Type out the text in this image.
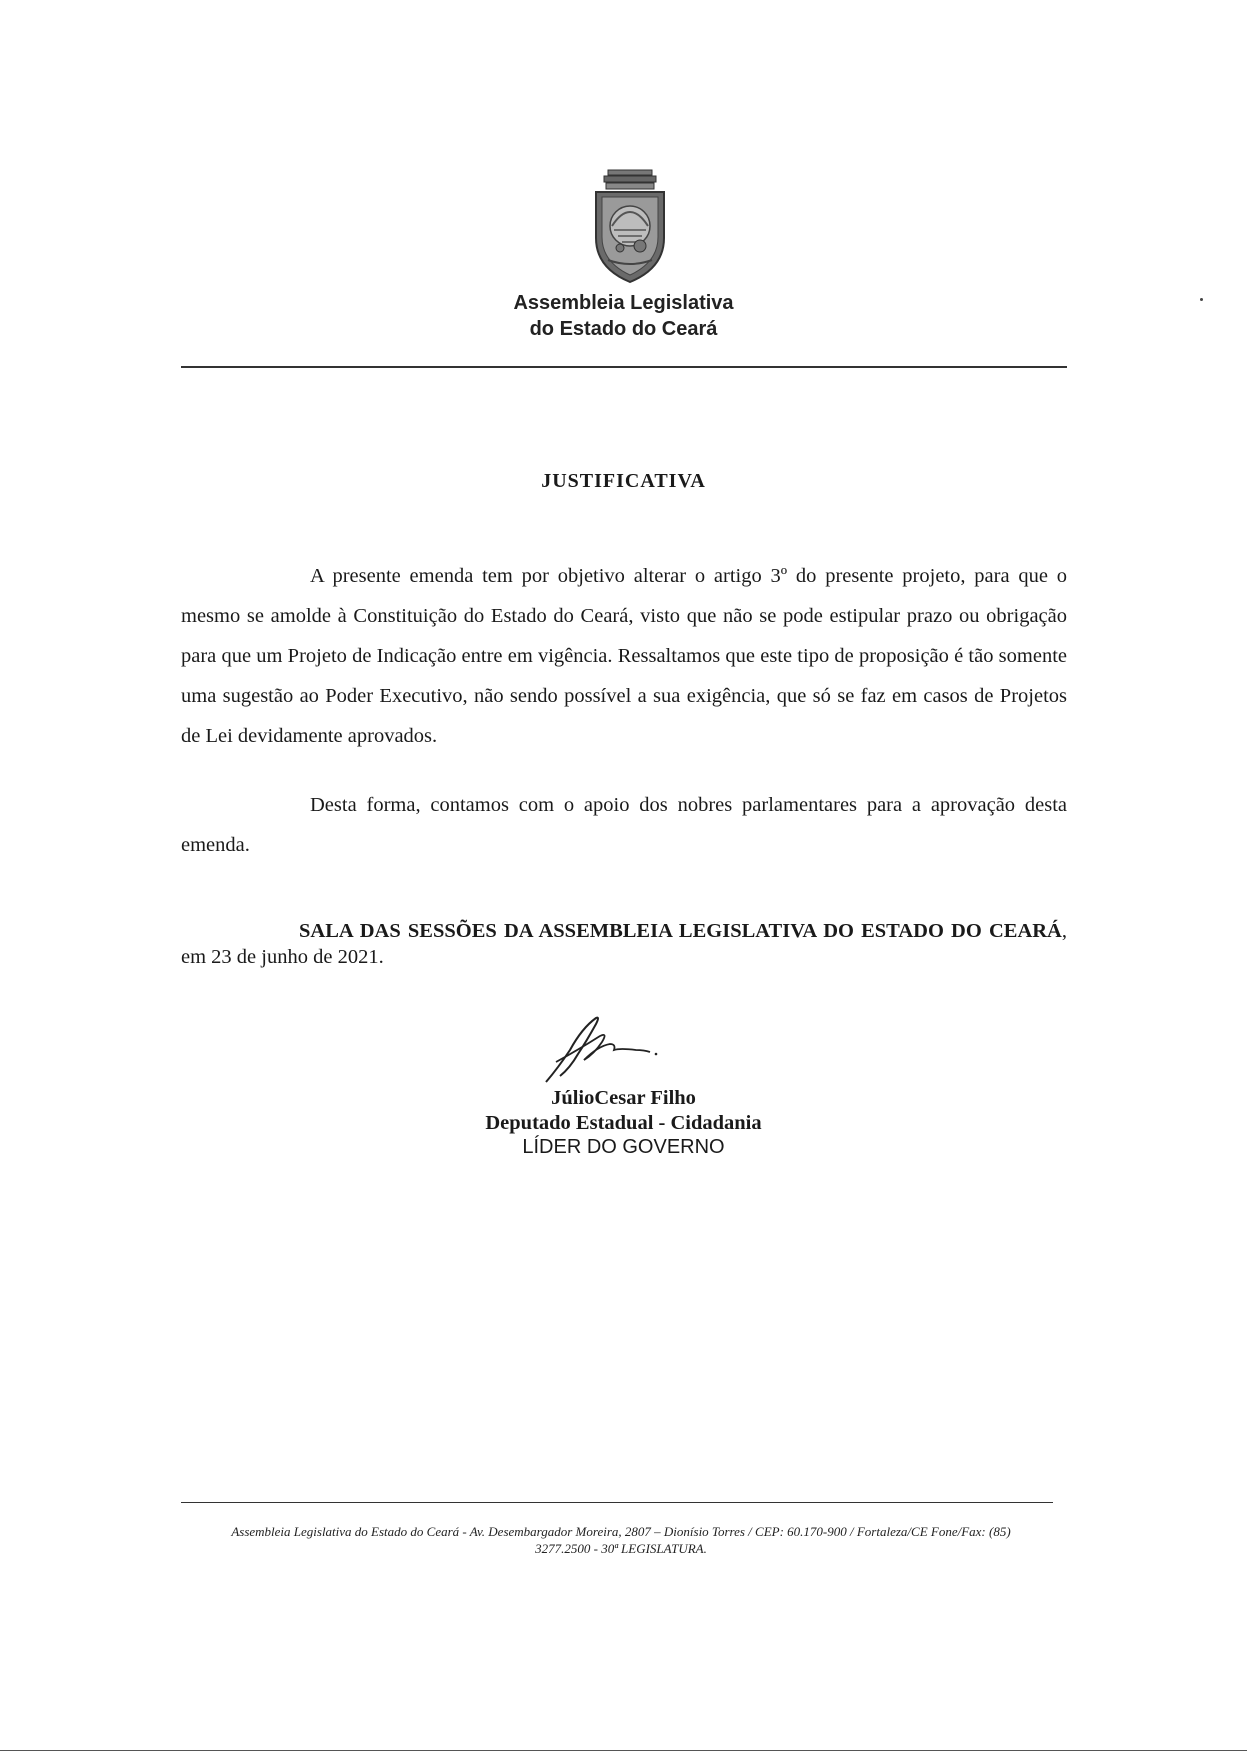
Assembleia Legislativa
do Estado do Ceará
JUSTIFICATIVA
A presente emenda tem por objetivo alterar o artigo 3º do presente projeto, para que o mesmo se amolde à Constituição do Estado do Ceará, visto que não se pode estipular prazo ou obrigação para que um Projeto de Indicação entre em vigência. Ressaltamos que este tipo de proposição é tão somente uma sugestão ao Poder Executivo, não sendo possível a sua exigência, que só se faz em casos de Projetos de Lei devidamente aprovados.
Desta forma, contamos com o apoio dos nobres parlamentares para a aprovação desta emenda.
SALA DAS SESSÕES DA ASSEMBLEIA LEGISLATIVA DO ESTADO DO CEARÁ, em 23 de junho de 2021.
JúlioCesar Filho
Deputado Estadual - Cidadania
LÍDER DO GOVERNO
Assembleia Legislativa do Estado do Ceará - Av. Desembargador Moreira, 2807 – Dionísio Torres / CEP: 60.170-900 / Fortaleza/CE Fone/Fax: (85)
3277.2500 - 30ª LEGISLATURA.
